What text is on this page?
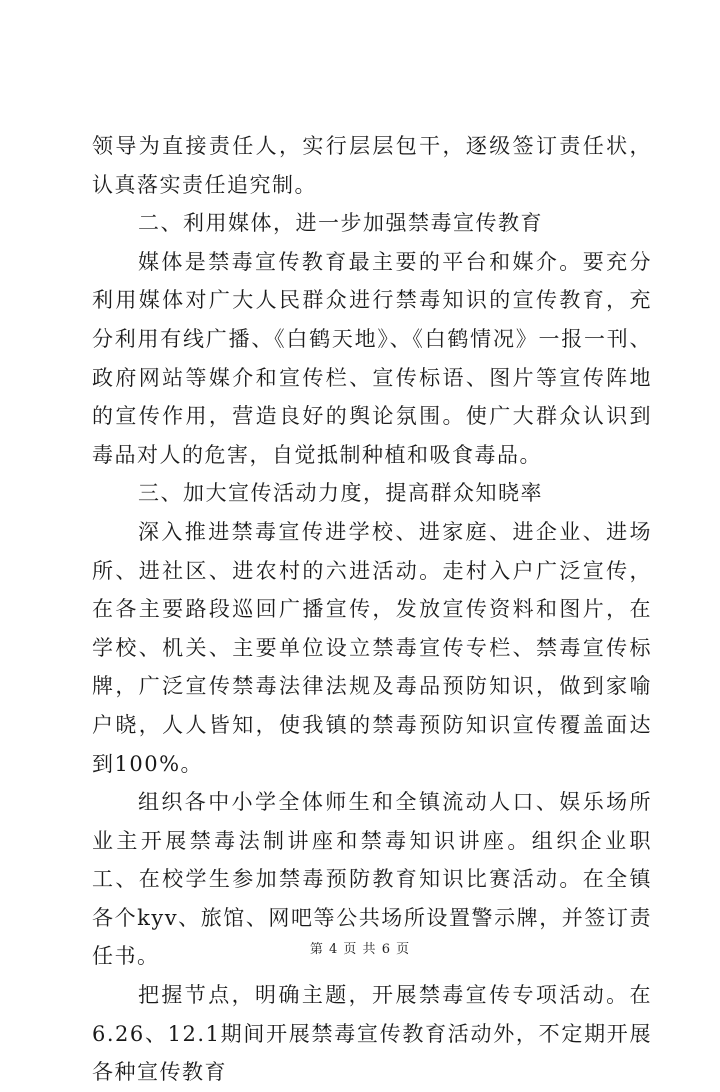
领导为直接责任人，实行层层包干，逐级签订责任状，认真落实责任追究制。

二、利用媒体，进一步加强禁毒宣传教育

媒体是禁毒宣传教育最主要的平台和媒介。要充分利用媒体对广大人民群众进行禁毒知识的宣传教育，充分利用有线广播、《白鹤天地》、《白鹤情况》一报一刊、政府网站等媒介和宣传栏、宣传标语、图片等宣传阵地的宣传作用，营造良好的舆论氛围。使广大群众认识到毒品对人的危害，自觉抵制种植和吸食毒品。

三、加大宣传活动力度，提高群众知晓率

深入推进禁毒宣传进学校、进家庭、进企业、进场所、进社区、进农村的六进活动。走村入户广泛宣传，在各主要路段巡回广播宣传，发放宣传资料和图片，在学校、机关、主要单位设立禁毒宣传专栏、禁毒宣传标牌，广泛宣传禁毒法律法规及毒品预防知识，做到家喻户晓，人人皆知，使我镇的禁毒预防知识宣传覆盖面达到100%。

组织各中小学全体师生和全镇流动人口、娱乐场所业主开展禁毒法制讲座和禁毒知识讲座。组织企业职工、在校学生参加禁毒预防教育知识比赛活动。在全镇各个kyv、旅馆、网吧等公共场所设置警示牌，并签订责任书。

把握节点，明确主题，开展禁毒宣传专项活动。在6.26、12.1期间开展禁毒宣传教育活动外，不定期开展各种宣传教育

第 4 页 共 6 页
